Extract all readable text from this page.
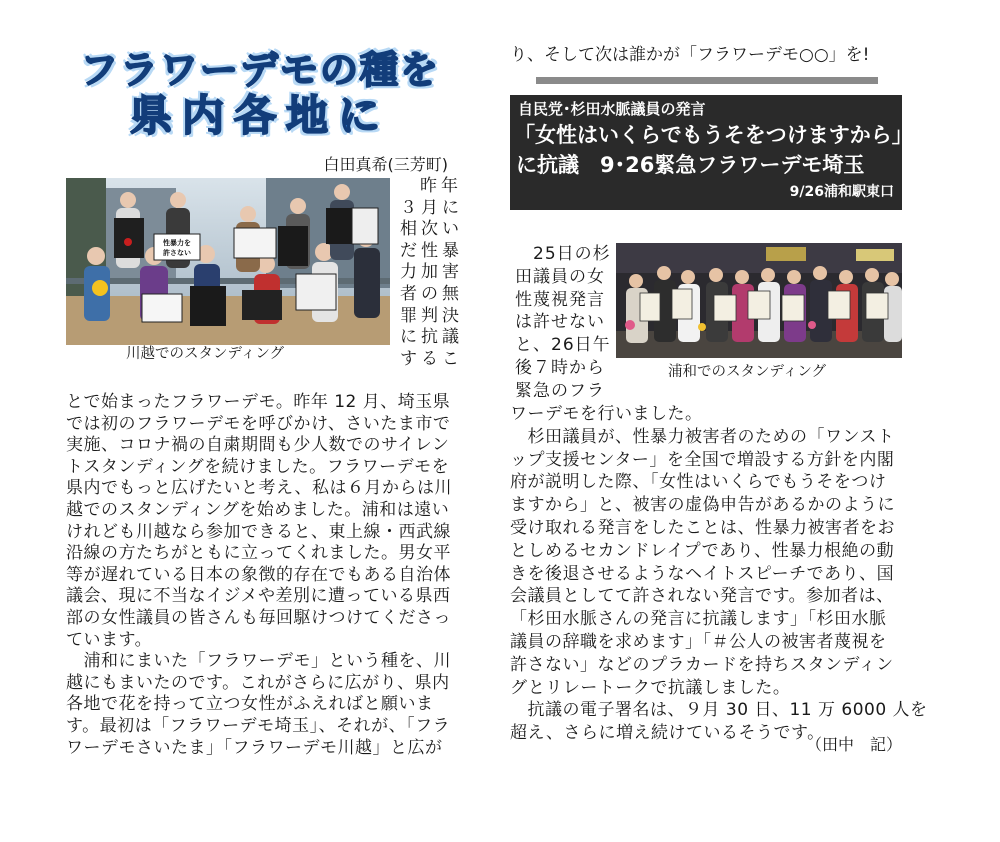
フラワーデモの種を
県内各地に
白田真希(三芳町)
性暴力を
許さない
川越でのスタンディング
昨年
３月に
相次い
だ性暴
力加害
者の無
罪判決
に抗議
するこ
とで始まったフラワーデモ。昨年 12 月、埼玉県
では初のフラワーデモを呼びかけ、さいたま市で
実施、コロナ禍の自粛期間も少人数でのサイレン
トスタンディングを続けました。フラワーデモを
県内でもっと広げたいと考え、私は６月からは川
越でのスタンディングを始めました。浦和は遠い
けれども川越なら参加できると、東上線・西武線
沿線の方たちがともに立ってくれました。男女平
等が遅れている日本の象徴的存在でもある自治体
議会、現に不当なイジメや差別に遭っている県西
部の女性議員の皆さんも毎回駆けつけてくださっ
ています。
　浦和にまいた「フラワーデモ」という種を、川
越にもまいたのです。これがさらに広がり、県内
各地で花を持って立つ女性がふえればと願いま
す。最初は「フラワーデモ埼玉」、それが、「フラ
ワーデモさいたま」「フラワーデモ川越」と広が
り、そして次は誰かが「フラワーデモ○○」を!
自民党･杉田水脈議員の発言
「女性はいくらでもうそをつけますから」
に抗議　9･26緊急フラワーデモ埼玉
9/26浦和駅東口
　25日の杉
田議員の女
性蔑視発言
は許せない
と、26日午
後７時から
緊急のフラ
浦和でのスタンディング
ワーデモを行いました。
　杉田議員が、性暴力被害者のための「ワンスト
ップ支援センター」を全国で増設する方針を内閣
府が説明した際、「女性はいくらでもうそをつけ
ますから」と、被害の虚偽申告があるかのように
受け取れる発言をしたことは、性暴力被害者をお
としめるセカンドレイプであり、性暴力根絶の動
きを後退させるようなヘイトスピーチであり、国
会議員としてて許されない発言です。参加者は、
「杉田水脈さんの発言に抗議します」「杉田水脈
議員の辞職を求めます」「＃公人の被害者蔑視を
許さない」などのプラカードを持ちスタンディン
グとリレートークで抗議しました。
　抗議の電子署名は、９月 30 日、11 万 6000 人を
超え、さらに増え続けているそうです。
（田中　記）
